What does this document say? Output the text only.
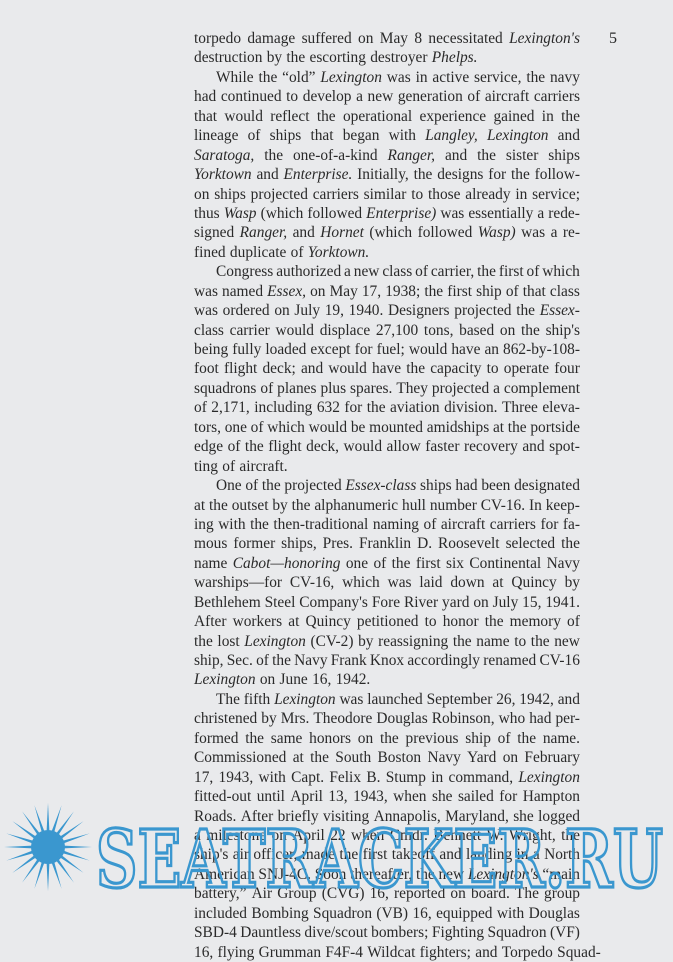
5
torpedo damage suffered on May 8 necessitated Lexington's
destruction by the escorting destroyer Phelps.
While the “old” Lexington was in active service, the navy
had continued to develop a new generation of aircraft carriers
that would reflect the operational experience gained in the
lineage of ships that began with Langley, Lexington and
Saratoga, the one-of-a-kind Ranger, and the sister ships
Yorktown and Enterprise. Initially, the designs for the follow-
on ships projected carriers similar to those already in service;
thus Wasp (which followed Enterprise) was essentially a rede-
signed Ranger, and Hornet (which followed Wasp) was a re-
fined duplicate of Yorktown.
Congress authorized a new class of carrier, the first of which
was named Essex, on May 17, 1938; the first ship of that class
was ordered on July 19, 1940. Designers projected the Essex-
class carrier would displace 27,100 tons, based on the ship's
being fully loaded except for fuel; would have an 862-by-108-
foot flight deck; and would have the capacity to operate four
squadrons of planes plus spares. They projected a complement
of 2,171, including 632 for the aviation division. Three eleva-
tors, one of which would be mounted amidships at the portside
edge of the flight deck, would allow faster recovery and spot-
ting of aircraft.
One of the projected Essex-class ships had been designated
at the outset by the alphanumeric hull number CV-16. In keep-
ing with the then-traditional naming of aircraft carriers for fa-
mous former ships, Pres. Franklin D. Roosevelt selected the
name Cabot—honoring one of the first six Continental Navy
warships—for CV-16, which was laid down at Quincy by
Bethlehem Steel Company's Fore River yard on July 15, 1941.
After workers at Quincy petitioned to honor the memory of
the lost Lexington (CV-2) by reassigning the name to the new
ship, Sec. of the Navy Frank Knox accordingly renamed CV-16
Lexington on June 16, 1942.
The fifth Lexington was launched September 26, 1942, and
christened by Mrs. Theodore Douglas Robinson, who had per-
formed the same honors on the previous ship of the name.
Commissioned at the South Boston Navy Yard on February
17, 1943, with Capt. Felix B. Stump in command, Lexington
fitted-out until April 13, 1943, when she sailed for Hampton
Roads. After briefly visiting Annapolis, Maryland, she logged
a milestone on April 22 when Cmdr. Bennett W. Wright, the
ship's air officer, made the first takeoff and landing in a North
American SNJ-4C. Soon thereafter, the new Lexington's “main
battery,” Air Group (CVG) 16, reported on board. The group
included Bombing Squadron (VB) 16, equipped with Douglas
SBD-4 Dauntless dive/scout bombers; Fighting Squadron (VF)
16, flying Grumman F4F-4 Wildcat fighters; and Torpedo Squad-
SEATRACKER.RU
